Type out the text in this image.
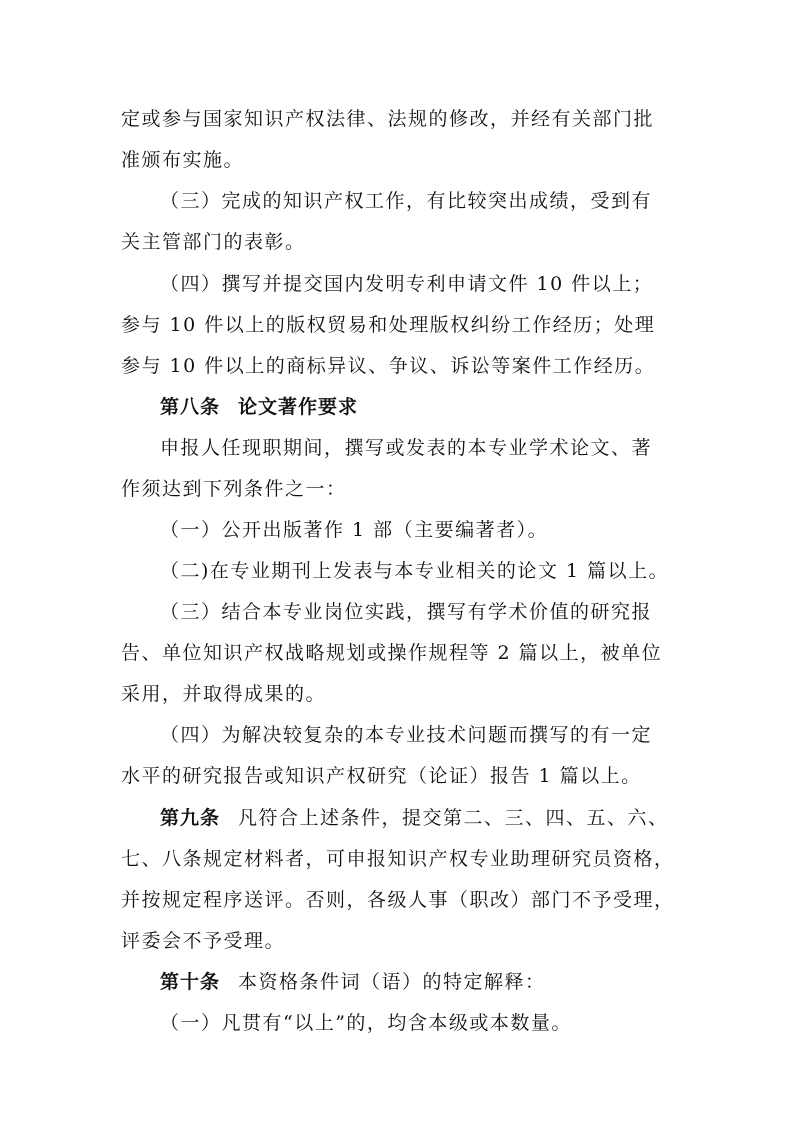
定或参与国家知识产权法律、法规的修改，并经有关部门批
准颁布实施。
（三）完成的知识产权工作，有比较突出成绩，受到有
关主管部门的表彰。
（四）撰写并提交国内发明专利申请文件 10 件以上；
参与 10 件以上的版权贸易和处理版权纠纷工作经历；处理
参与 10 件以上的商标异议、争议、诉讼等案件工作经历。
第八条 论文著作要求
申报人任现职期间，撰写或发表的本专业学术论文、著
作须达到下列条件之一：
（一）公开出版著作 1 部（主要编著者）。
（二)在专业期刊上发表与本专业相关的论文 1 篇以上。
（三）结合本专业岗位实践，撰写有学术价值的研究报
告、单位知识产权战略规划或操作规程等 2 篇以上，被单位
采用，并取得成果的。
（四）为解决较复杂的本专业技术问题而撰写的有一定
水平的研究报告或知识产权研究（论证）报告 1 篇以上。
第九条 凡符合上述条件，提交第二、三、四、五、六、
七、八条规定材料者，可申报知识产权专业助理研究员资格，
并按规定程序送评。否则，各级人事（职改）部门不予受理，
评委会不予受理。
第十条 本资格条件词（语）的特定解释：
（一）凡贯有“以上”的，均含本级或本数量。
